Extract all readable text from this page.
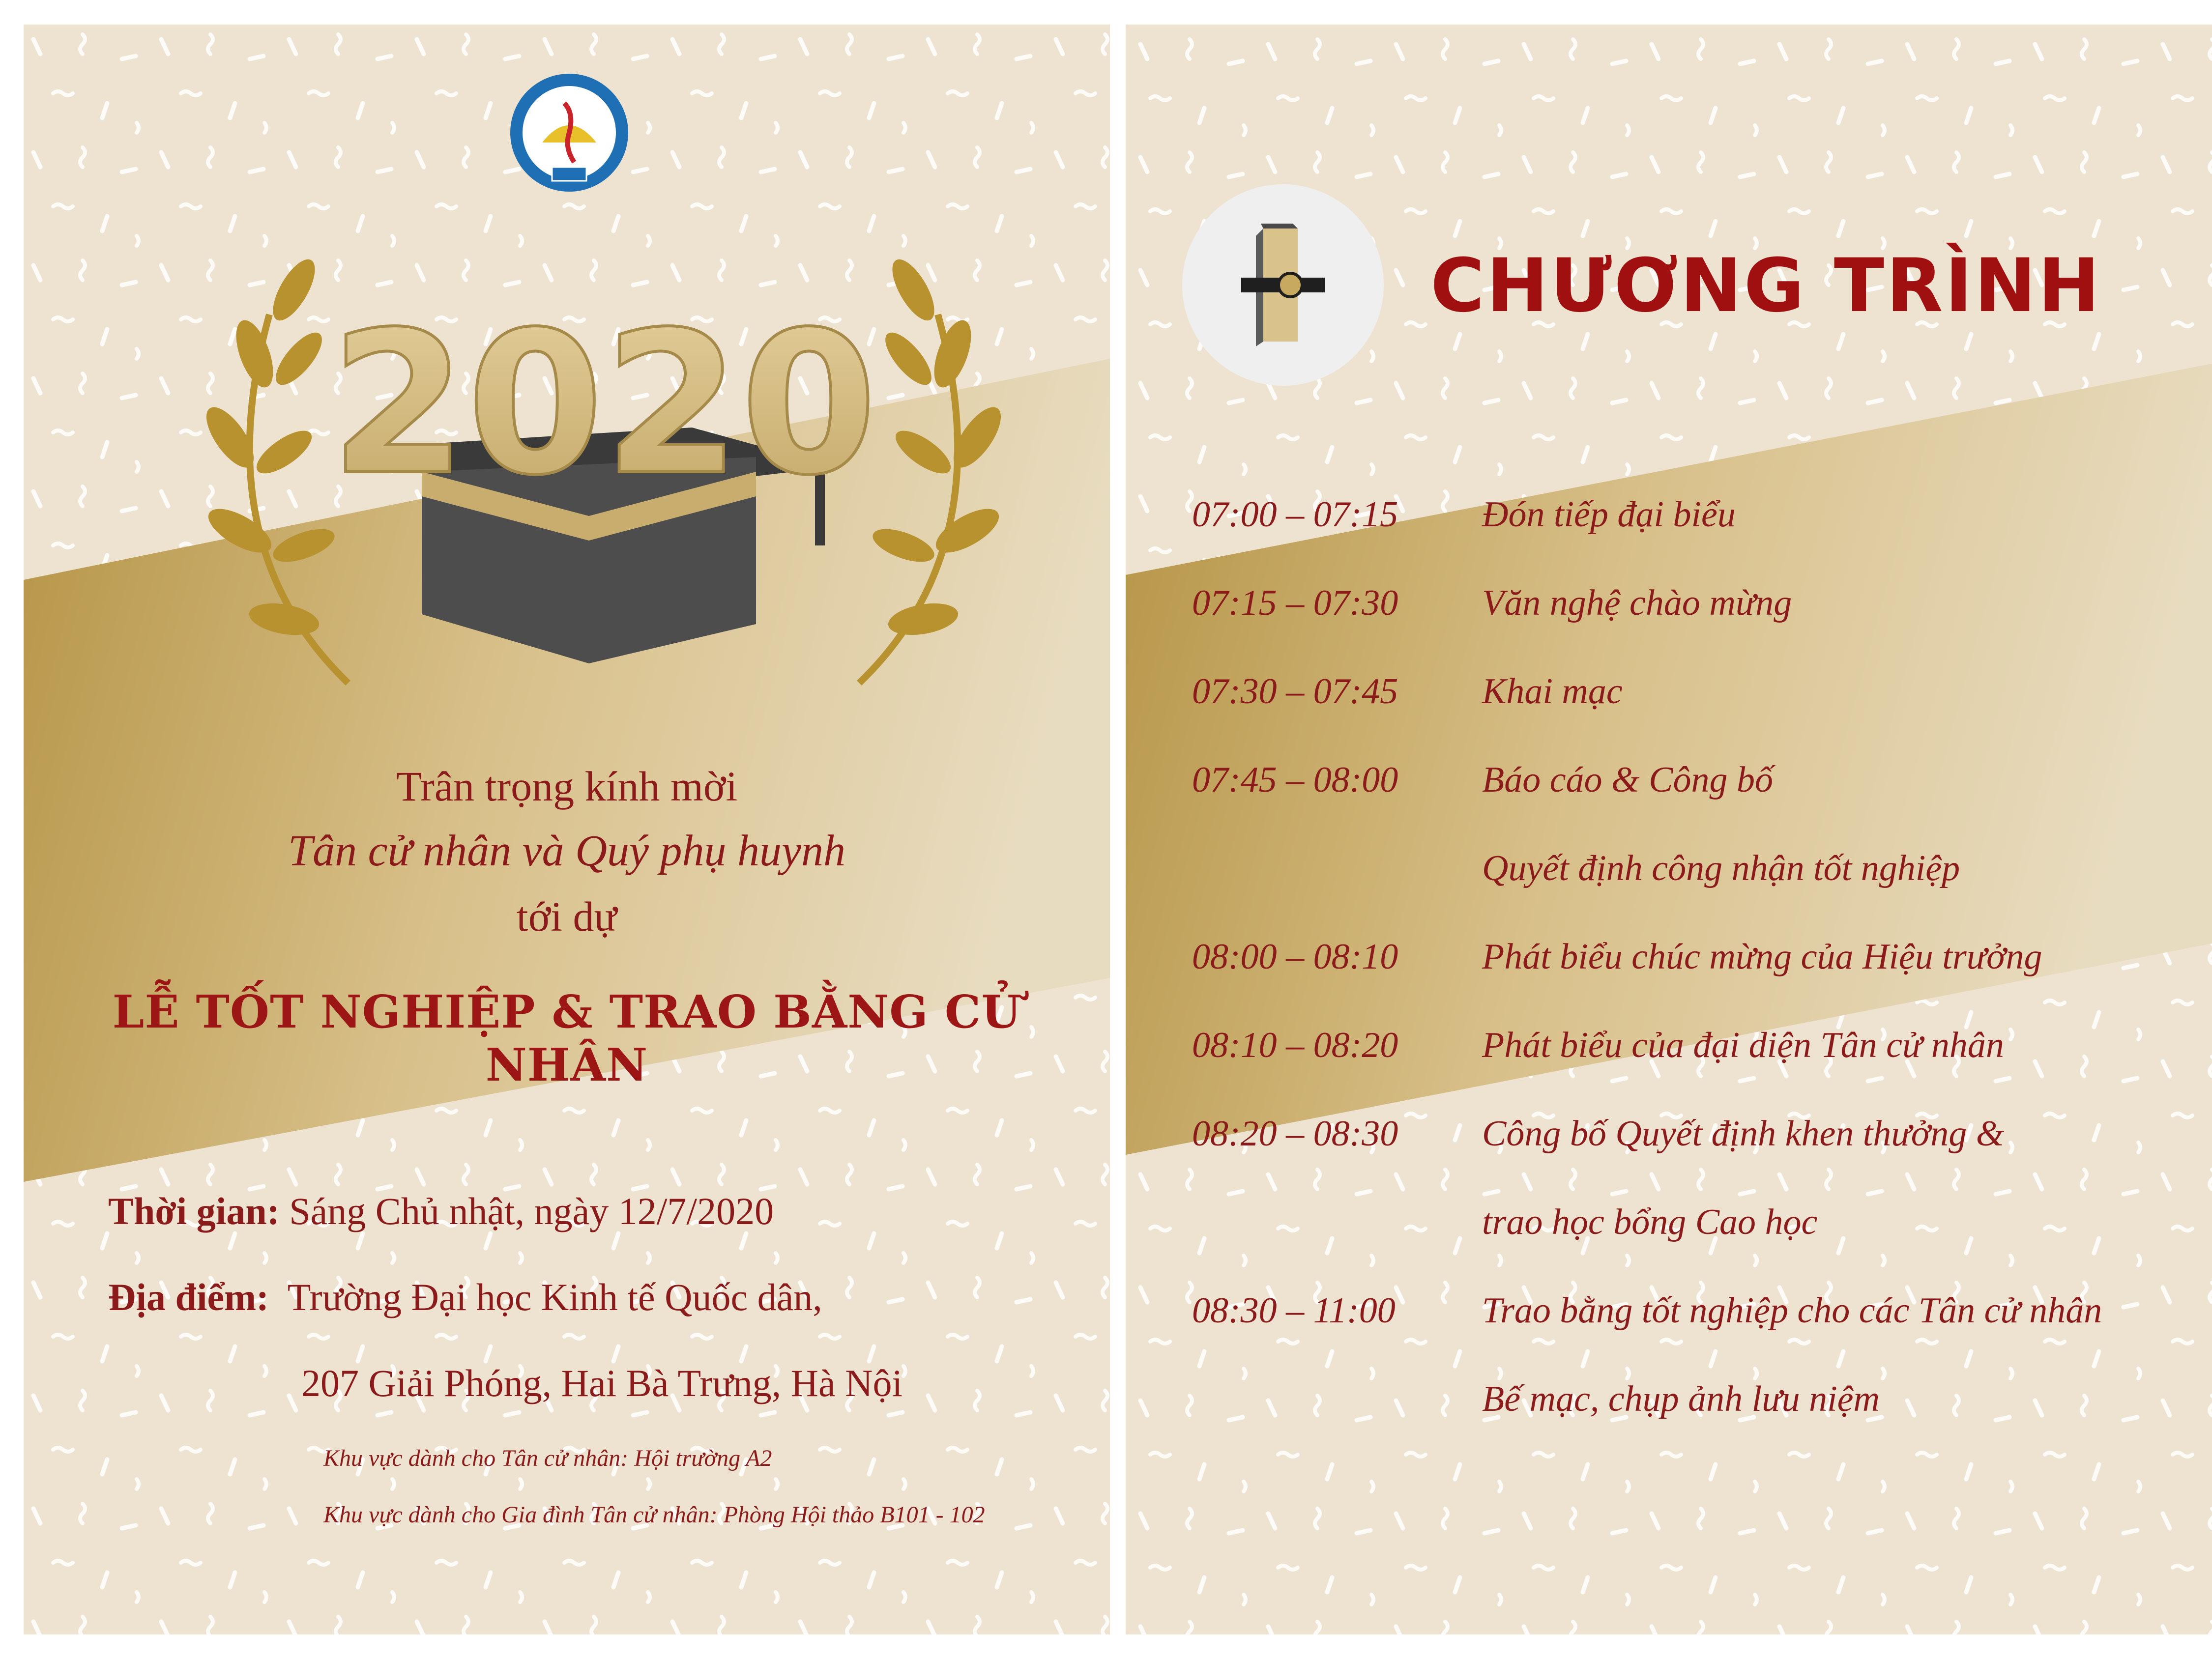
2020
Trân trọng kính mời
Tân cử nhân và Quý phụ huynh
tới dự
LỄ TỐT NGHIỆP & TRAO BẰNG CỬ NHÂN
Thời gian: Sáng Chủ nhật, ngày 12/7/2020
Địa điểm:  Trường Đại học Kinh tế Quốc dân,
207 Giải Phóng, Hai Bà Trưng, Hà Nội
Khu vực dành cho Tân cử nhân: Hội trường A2
Khu vực dành cho Gia đình Tân cử nhân: Phòng Hội thảo B101 - 102
CHƯƠNG TRÌNH
07:00 – 07:15 Đón tiếp đại biểu
07:15 – 07:30 Văn nghệ chào mừng
07:30 – 07:45 Khai mạc
07:45 – 08:00 Báo cáo & Công bố
Quyết định công nhận tốt nghiệp
08:00 – 08:10 Phát biểu chúc mừng của Hiệu trưởng
08:10 – 08:20 Phát biểu của đại diện Tân cử nhân
08:20 – 08:30 Công bố Quyết định khen thưởng &
trao học bổng Cao học
08:30 – 11:00 Trao bằng tốt nghiệp cho các Tân cử nhân
Bế mạc, chụp ảnh lưu niệm
